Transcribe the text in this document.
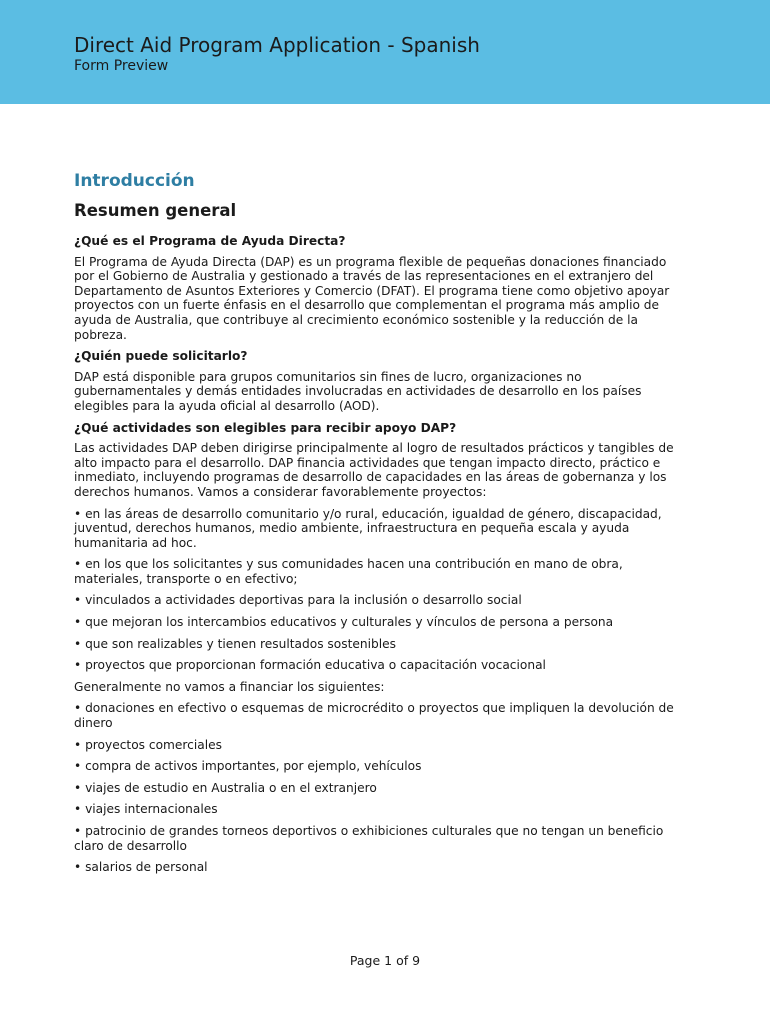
Direct Aid Program Application - Spanish
Form Preview
Introducción
Resumen general
¿Qué es el Programa de Ayuda Directa?
El Programa de Ayuda Directa (DAP) es un programa flexible de pequeñas donaciones financiado por el Gobierno de Australia y gestionado a través de las representaciones en el extranjero del Departamento de Asuntos Exteriores y Comercio (DFAT). El programa tiene como objetivo apoyar proyectos con un fuerte énfasis en el desarrollo que complementan el programa más amplio de ayuda de Australia, que contribuye al crecimiento económico sostenible y la reducción de la pobreza.
¿Quién puede solicitarlo?
DAP está disponible para grupos comunitarios sin fines de lucro, organizaciones no gubernamentales y demás entidades involucradas en actividades de desarrollo en los países elegibles para la ayuda oficial al desarrollo (AOD).
¿Qué actividades son elegibles para recibir apoyo DAP?
Las actividades DAP deben dirigirse principalmente al logro de resultados prácticos y tangibles de alto impacto para el desarrollo. DAP financia actividades que tengan impacto directo, práctico e inmediato, incluyendo programas de desarrollo de capacidades en las áreas de gobernanza y los derechos humanos. Vamos a considerar favorablemente proyectos:
• en las áreas de desarrollo comunitario y/o rural, educación, igualdad de género, discapacidad, juventud, derechos humanos, medio ambiente, infraestructura en pequeña escala y ayuda humanitaria ad hoc.
• en los que los solicitantes y sus comunidades hacen una contribución en mano de obra, materiales, transporte o en efectivo;
• vinculados a actividades deportivas para la inclusión o desarrollo social
• que mejoran los intercambios educativos y culturales y vínculos de persona a persona
• que son realizables y tienen resultados sostenibles
• proyectos que proporcionan formación educativa o capacitación vocacional
Generalmente no vamos a financiar los siguientes:
• donaciones en efectivo o esquemas de microcrédito o proyectos que impliquen la devolución de dinero
• proyectos comerciales
• compra de activos importantes, por ejemplo, vehículos
• viajes de estudio en Australia o en el extranjero
• viajes internacionales
• patrocinio de grandes torneos deportivos o exhibiciones culturales que no tengan un beneficio claro de desarrollo
• salarios de personal
Page 1 of 9
